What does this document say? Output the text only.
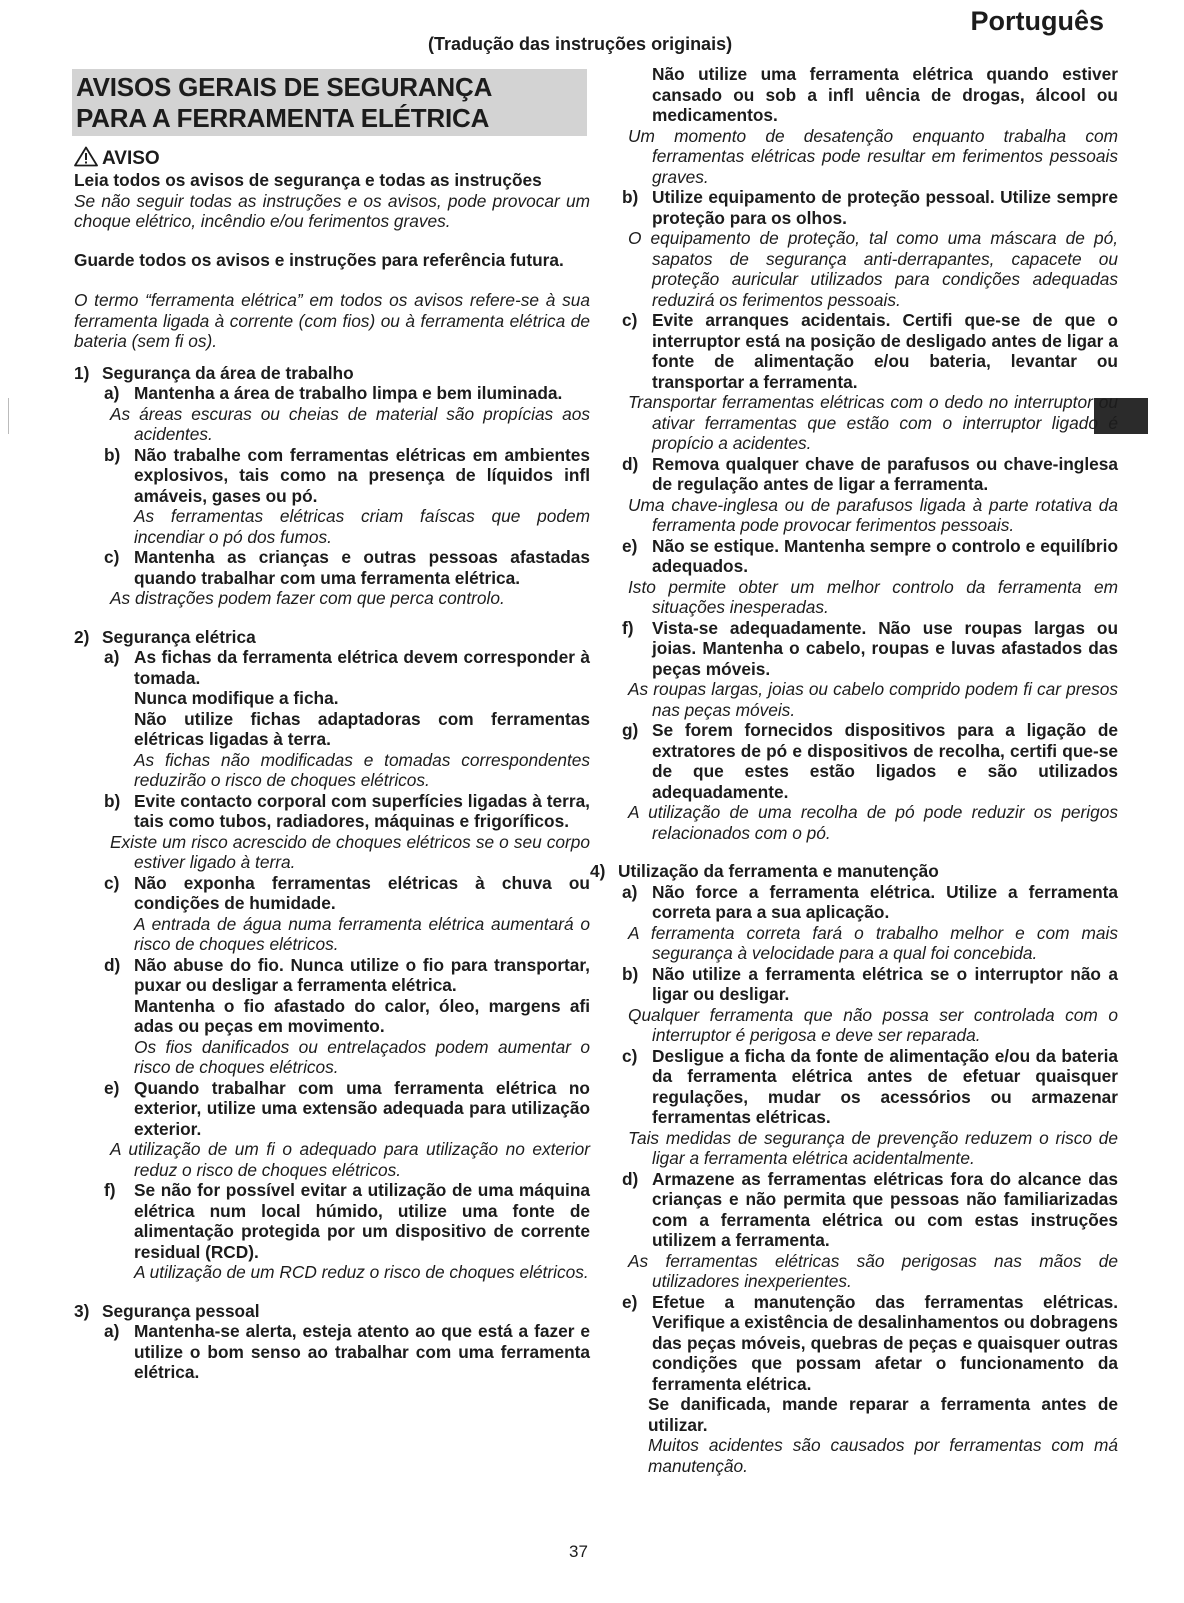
Português
(Tradução das instruções originais)
AVISOS GERAIS DE SEGURANÇA
PARA A FERRAMENTA ELÉTRICA
AVISO
Leia todos os avisos de segurança e todas as instruções
Se não seguir todas as instruções e os avisos, pode provocar um choque elétrico, incêndio e/ou ferimentos graves.
Guarde todos os avisos e instruções para referência futura.
O termo “ferramenta elétrica” em todos os avisos refere-se à sua ferramenta ligada à corrente (com fios) ou à ferramenta elétrica de bateria (sem fi os).
1) Segurança da área de trabalho
a) Mantenha a área de trabalho limpa e bem iluminada.
As áreas escuras ou cheias de material são propícias aos acidentes.
b) Não trabalhe com ferramentas elétricas em ambientes explosivos, tais como na presença de líquidos infl amáveis, gases ou pó.
As ferramentas elétricas criam faíscas que podem incendiar o pó dos fumos.
c) Mantenha as crianças e outras pessoas afastadas quando trabalhar com uma ferramenta elétrica.
As distrações podem fazer com que perca controlo.
2) Segurança elétrica
a) As fichas da ferramenta elétrica devem corresponder à tomada.
Nunca modifique a ficha.
Não utilize fichas adaptadoras com ferramentas elétricas ligadas à terra.
As fichas não modificadas e tomadas correspondentes reduzirão o risco de choques elétricos.
b) Evite contacto corporal com superfícies ligadas à terra, tais como tubos, radiadores, máquinas e frigoríficos.
Existe um risco acrescido de choques elétricos se o seu corpo estiver ligado à terra.
c) Não exponha ferramentas elétricas à chuva ou condições de humidade.
A entrada de água numa ferramenta elétrica aumentará o risco de choques elétricos.
d) Não abuse do fio. Nunca utilize o fio para transportar, puxar ou desligar a ferramenta elétrica.
Mantenha o fio afastado do calor, óleo, margens afi adas ou peças em movimento.
Os fios danificados ou entrelaçados podem aumentar o risco de choques elétricos.
e) Quando trabalhar com uma ferramenta elétrica no exterior, utilize uma extensão adequada para utilização exterior.
A utilização de um fi o adequado para utilização no exterior reduz o risco de choques elétricos.
f)	Se não for possível evitar a utilização de uma máquina elétrica num local húmido, utilize uma fonte de alimentação protegida por um dispositivo de corrente residual (RCD).
A utilização de um RCD reduz o risco de choques elétricos.
3) Segurança pessoal
a) Mantenha-se alerta, esteja atento ao que está a fazer e utilize o bom senso ao trabalhar com uma ferramenta elétrica.
Não utilize uma ferramenta elétrica quando estiver cansado ou sob a infl uência de drogas, álcool ou medicamentos.
Um momento de desatenção enquanto trabalha com ferramentas elétricas pode resultar em ferimentos pessoais graves.
b) Utilize equipamento de proteção pessoal. Utilize sempre proteção para os olhos.
O equipamento de proteção, tal como uma máscara de pó, sapatos de segurança anti-derrapantes, capacete ou proteção auricular utilizados para condições adequadas reduzirá os ferimentos pessoais.
c) Evite arranques acidentais. Certifi que-se de que o interruptor está na posição de desligado antes de ligar a fonte de alimentação e/ou bateria, levantar ou transportar a ferramenta.
Transportar ferramentas elétricas com o dedo no interruptor ou ativar ferramentas que estão com o interruptor ligado é propício a acidentes.
d) Remova qualquer chave de parafusos ou chave-inglesa de regulação antes de ligar a ferramenta.
Uma chave-inglesa ou de parafusos ligada à parte rotativa da ferramenta pode provocar ferimentos pessoais.
e) Não se estique. Mantenha sempre o controlo e equilíbrio adequados.
Isto permite obter um melhor controlo da ferramenta em situações inesperadas.
f)	Vista-se adequadamente. Não use roupas largas ou joias. Mantenha o cabelo, roupas e luvas afastados das peças móveis.
As roupas largas, joias ou cabelo comprido podem fi car presos nas peças móveis.
g) Se forem fornecidos dispositivos para a ligação de extratores de pó e dispositivos de recolha, certifi que-se de que estes estão ligados e são utilizados adequadamente.
A utilização de uma recolha de pó pode reduzir os perigos relacionados com o pó.
4) Utilização da ferramenta e manutenção
a) Não force a ferramenta elétrica. Utilize a ferramenta correta para a sua aplicação.
A ferramenta correta fará o trabalho melhor e com mais segurança à velocidade para a qual foi concebida.
b) Não utilize a ferramenta elétrica se o interruptor não a ligar ou desligar.
Qualquer ferramenta que não possa ser controlada com o interruptor é perigosa e deve ser reparada.
c) Desligue a ficha da fonte de alimentação e/ou da bateria da ferramenta elétrica antes de efetuar quaisquer regulações, mudar os acessórios ou armazenar ferramentas elétricas.
Tais medidas de segurança de prevenção reduzem o risco de ligar a ferramenta elétrica acidentalmente.
d) Armazene as ferramentas elétricas fora do alcance das crianças e não permita que pessoas não familiarizadas com a ferramenta elétrica ou com estas instruções utilizem a ferramenta.
As ferramentas elétricas são perigosas nas mãos de utilizadores inexperientes.
e) Efetue a manutenção das ferramentas elétricas. Verifique a existência de desalinhamentos ou dobragens das peças móveis, quebras de peças e quaisquer outras condições que possam afetar o funcionamento da ferramenta elétrica.
Se danificada, mande reparar a ferramenta antes de utilizar.
Muitos acidentes são causados por ferramentas com má manutenção.
37
